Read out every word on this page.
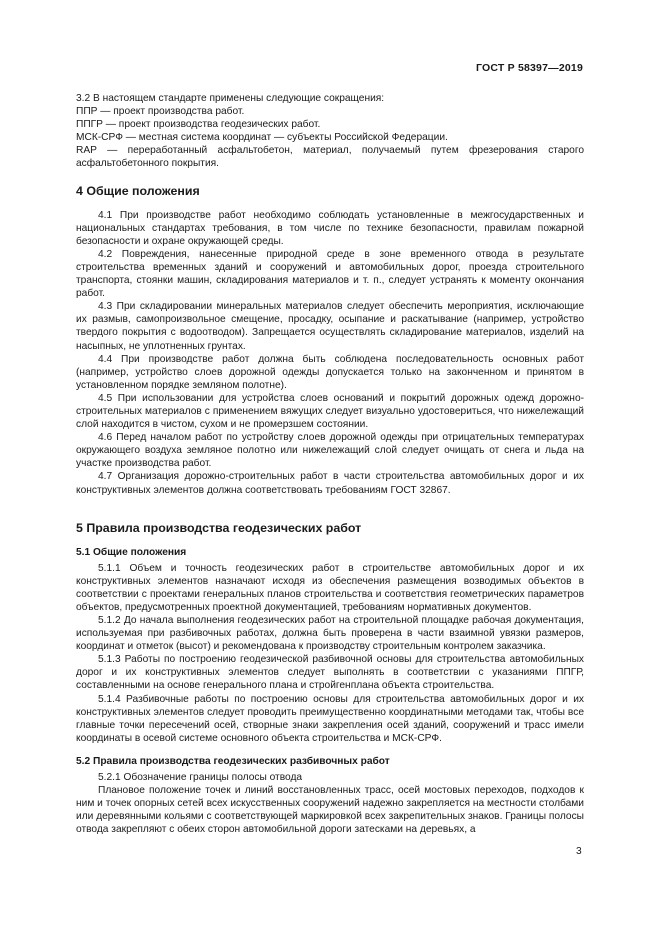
ГОСТ Р 58397—2019

3.2 В настоящем стандарте применены следующие сокращения:

ППР — проект производства работ.

ППГР — проект производства геодезических работ.

МСК-СРФ — местная система координат — субъекты Российской Федерации.

RAP — переработанный асфальтобетон, материал, получаемый путем фрезерования старого асфальтобетонного покрытия.

4 Общие положения

4.1 При производстве работ необходимо соблюдать установленные в межгосударственных и национальных стандартах требования, в том числе по технике безопасности, правилам пожарной безопасности и охране окружающей среды.

4.2 Повреждения, нанесенные природной среде в зоне временного отвода в результате строительства временных зданий и сооружений и автомобильных дорог, проезда строительного транспорта, стоянки машин, складирования материалов и т. п., следует устранять к моменту окончания работ.

4.3 При складировании минеральных материалов следует обеспечить мероприятия, исключающие их размыв, самопроизвольное смещение, просадку, осыпание и раскатывание (например, устройство твердого покрытия с водоотводом). Запрещается осуществлять складирование материалов, изделий на насыпных, не уплотненных грунтах.

4.4 При производстве работ должна быть соблюдена последовательность основных работ (например, устройство слоев дорожной одежды допускается только на законченном и принятом в установленном порядке земляном полотне).

4.5 При использовании для устройства слоев оснований и покрытий дорожных одежд дорожно-строительных материалов с применением вяжущих следует визуально удостовериться, что нижележащий слой находится в чистом, сухом и не промерзшем состоянии.

4.6 Перед началом работ по устройству слоев дорожной одежды при отрицательных температурах окружающего воздуха земляное полотно или нижележащий слой следует очищать от снега и льда на участке производства работ.

4.7 Организация дорожно-строительных работ в части строительства автомобильных дорог и их конструктивных элементов должна соответствовать требованиям ГОСТ 32867.

5 Правила производства геодезических работ
5.1 Общие положения

5.1.1 Объем и точность геодезических работ в строительстве автомобильных дорог и их конструктивных элементов назначают исходя из обеспечения размещения возводимых объектов в соответствии с проектами генеральных планов строительства и соответствия геометрических параметров объектов, предусмотренных проектной документацией, требованиям нормативных документов.

5.1.2 До начала выполнения геодезических работ на строительной площадке рабочая документация, используемая при разбивочных работах, должна быть проверена в части взаимной увязки размеров, координат и отметок (высот) и рекомендована к производству строительным контролем заказчика.

5.1.3 Работы по построению геодезической разбивочной основы для строительства автомобильных дорог и их конструктивных элементов следует выполнять в соответствии с указаниями ППГР, составленными на основе генерального плана и стройгенплана объекта строительства.

5.1.4 Разбивочные работы по построению основы для строительства автомобильных дорог и их конструктивных элементов следует проводить преимущественно координатными методами так, чтобы все главные точки пересечений осей, створные знаки закрепления осей зданий, сооружений и трасс имели координаты в осевой системе основного объекта строительства и МСК-СРФ.

5.2 Правила производства геодезических разбивочных работ

5.2.1 Обозначение границы полосы отвода

Плановое положение точек и линий восстановленных трасс, осей мостовых переходов, подходов к ним и точек опорных сетей всех искусственных сооружений надежно закрепляется на местности столбами или деревянными кольями с соответствующей маркировкой всех закрепительных знаков. Границы полосы отвода закрепляют с обеих сторон автомобильной дороги затесками на деревьях, а

3
